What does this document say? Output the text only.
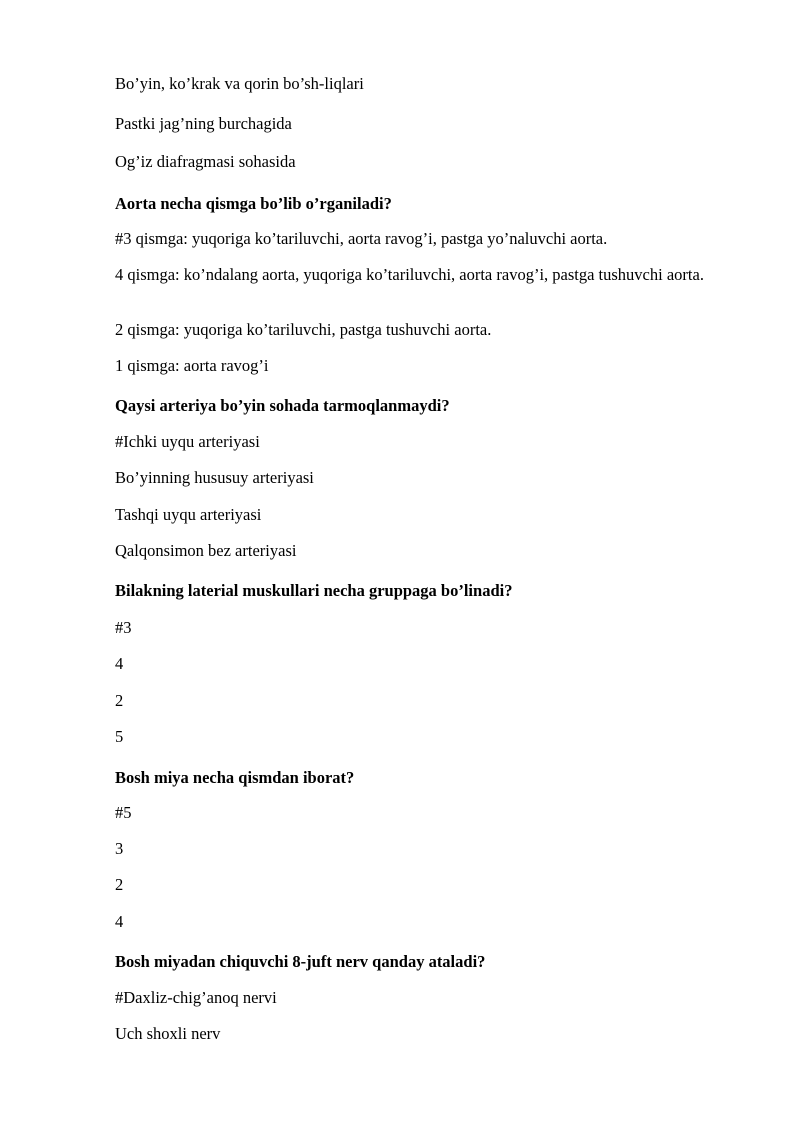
Bo’yin, ko’krak va qorin bo’sh-liqlari
Pastki jag’ning burchagida
Og’iz diafragmasi sohasida
Aorta necha qismga bo’lib o’rganiladi?
#3 qismga: yuqoriga ko’tariluvchi, aorta ravog’i, pastga yo’naluvchi aorta.
4 qismga: ko’ndalang aorta, yuqoriga ko’tariluvchi, aorta ravog’i, pastga tushuvchi aorta.
2 qismga: yuqoriga ko’tariluvchi, pastga tushuvchi aorta.
1 qismga: aorta ravog’i
Qaysi arteriya bo’yin sohada tarmoqlanmaydi?
#Ichki uyqu arteriyasi
Bo’yinning hususuy arteriyasi
Tashqi uyqu arteriyasi
Qalqonsimon bez arteriyasi
Bilakning laterial muskullari necha gruppaga bo’linadi?
#3
4
2
5
Bosh miya necha qismdan iborat?
#5
3
2
4
Bosh miyadan chiquvchi 8-juft nerv qanday ataladi?
#Daxliz-chig’anoq nervi
Uch shoxli nerv
